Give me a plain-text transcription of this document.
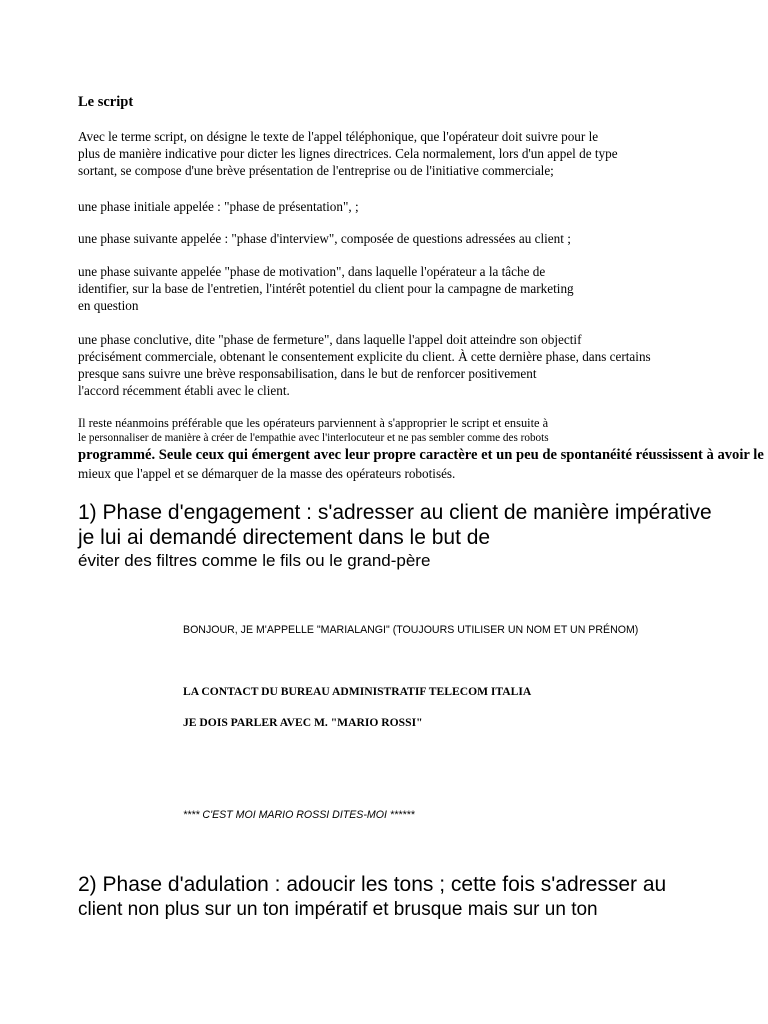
Le script
Avec le terme script, on désigne le texte de l'appel téléphonique, que l'opérateur doit suivre pour le
plus de manière indicative pour dicter les lignes directrices. Cela normalement, lors d'un appel de type
sortant, se compose d'une brève présentation de l'entreprise ou de l'initiative commerciale;
une phase initiale appelée : "phase de présentation", ;
une phase suivante appelée : "phase d'interview", composée de questions adressées au client ;
une phase suivante appelée "phase de motivation", dans laquelle l'opérateur a la tâche de
identifier, sur la base de l'entretien, l'intérêt potentiel du client pour la campagne de marketing
en question
une phase conclutive, dite "phase de fermeture", dans laquelle l'appel doit atteindre son objectif
précisément commerciale, obtenant le consentement explicite du client. À cette dernière phase, dans certains
presque sans suivre une brève responsabilisation, dans le but de renforcer positivement
l'accord récemment établi avec le client.
Il reste néanmoins préférable que les opérateurs parviennent à s'approprier le script et ensuite à
le personnaliser de manière à créer de l'empathie avec l'interlocuteur et ne pas sembler comme des robots
programmé. Seule ceux qui émergent avec leur propre caractère et un peu de spontanéité réussissent à avoir le
mieux que l'appel et se démarquer de la masse des opérateurs robotisés.
1) Phase d'engagement : s'adresser au client de manière impérative
je lui ai demandé directement dans le but de
éviter des filtres comme le fils ou le grand-père
BONJOUR, JE M'APPELLE "MARIALANGI" (TOUJOURS UTILISER UN NOM ET UN PRÉNOM)
LA CONTACT DU BUREAU ADMINISTRATIF TELECOM ITALIA
JE DOIS PARLER AVEC M. "MARIO ROSSI"
**** C'EST MOI MARIO ROSSI DITES-MOI ******
2) Phase d'adulation : adoucir les tons ; cette fois s'adresser au
client non plus sur un ton impératif et brusque mais sur un ton
